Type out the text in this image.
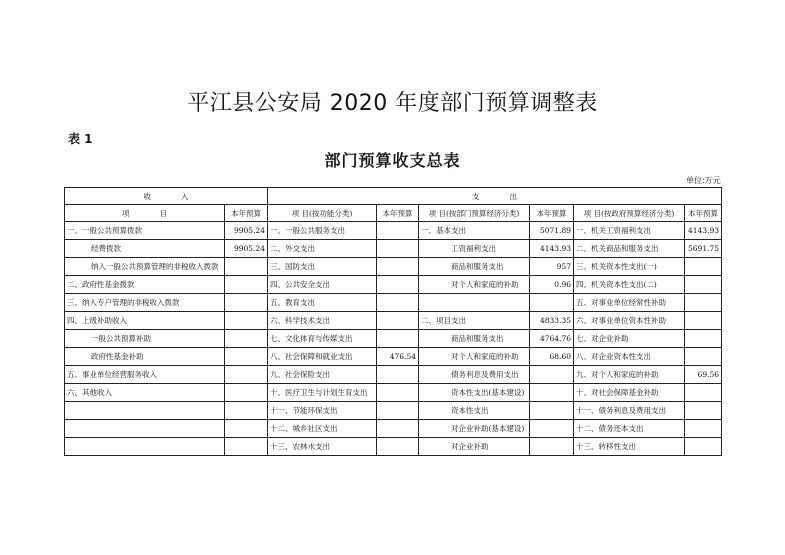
平江县公安局 2020 年度部门预算调整表
表 1
部门预算收支总表
单位:万元
收　　　　入		支　　　　出					
项　　　　目	本年预算	项 目(按功能分类)	本年预算	项 目(按部门预算经济分类)	本年预算	项 目(按政府预算经济分类)	本年预算
一、一般公共预算拨款	9905.24	一、一般公共服务支出		一、基本支出	5071.89	一、机关工资福利支出	4143.93
经费拨款	9905.24	二、外交支出		工资福利支出	4143.93	二、机关商品和服务支出	5691.75
纳入一般公共预算管理的非税收入拨款		三、国防支出		商品和服务支出	957	三、机关资本性支出(一)	
二、政府性基金拨款		四、公共安全支出		对个人和家庭的补助	0.96	四、机关资本性支出(二)	
三、纳入专户管理的非税收入拨款		五、教育支出				五、对事业单位经常性补助	
四、上级补助收入		六、科学技术支出		二、项目支出	4833.35	六、对事业单位资本性补助	
一般公共预算补助		七、文化体育与传媒支出		商品和服务支出	4764.76	七、对企业补助	
政府性基金补助		八、社会保障和就业支出	476.54	对个人和家庭的补助	68.60	八、对企业资本性支出	
五、事业单位经营服务收入		九、社会保险支出		债务利息及费用支出		九、对个人和家庭的补助	69.56
六、其他收入		十、医疗卫生与计划生育支出		资本性支出(基本建设)		十、对社会保障基金补助	
		十一、节能环保支出		资本性支出		十一、债务利息及费用支出	
		十二、城乡社区支出		对企业补助(基本建设)		十二、债务还本支出	
		十三、农林水支出		对企业补助		十三、转移性支出	
